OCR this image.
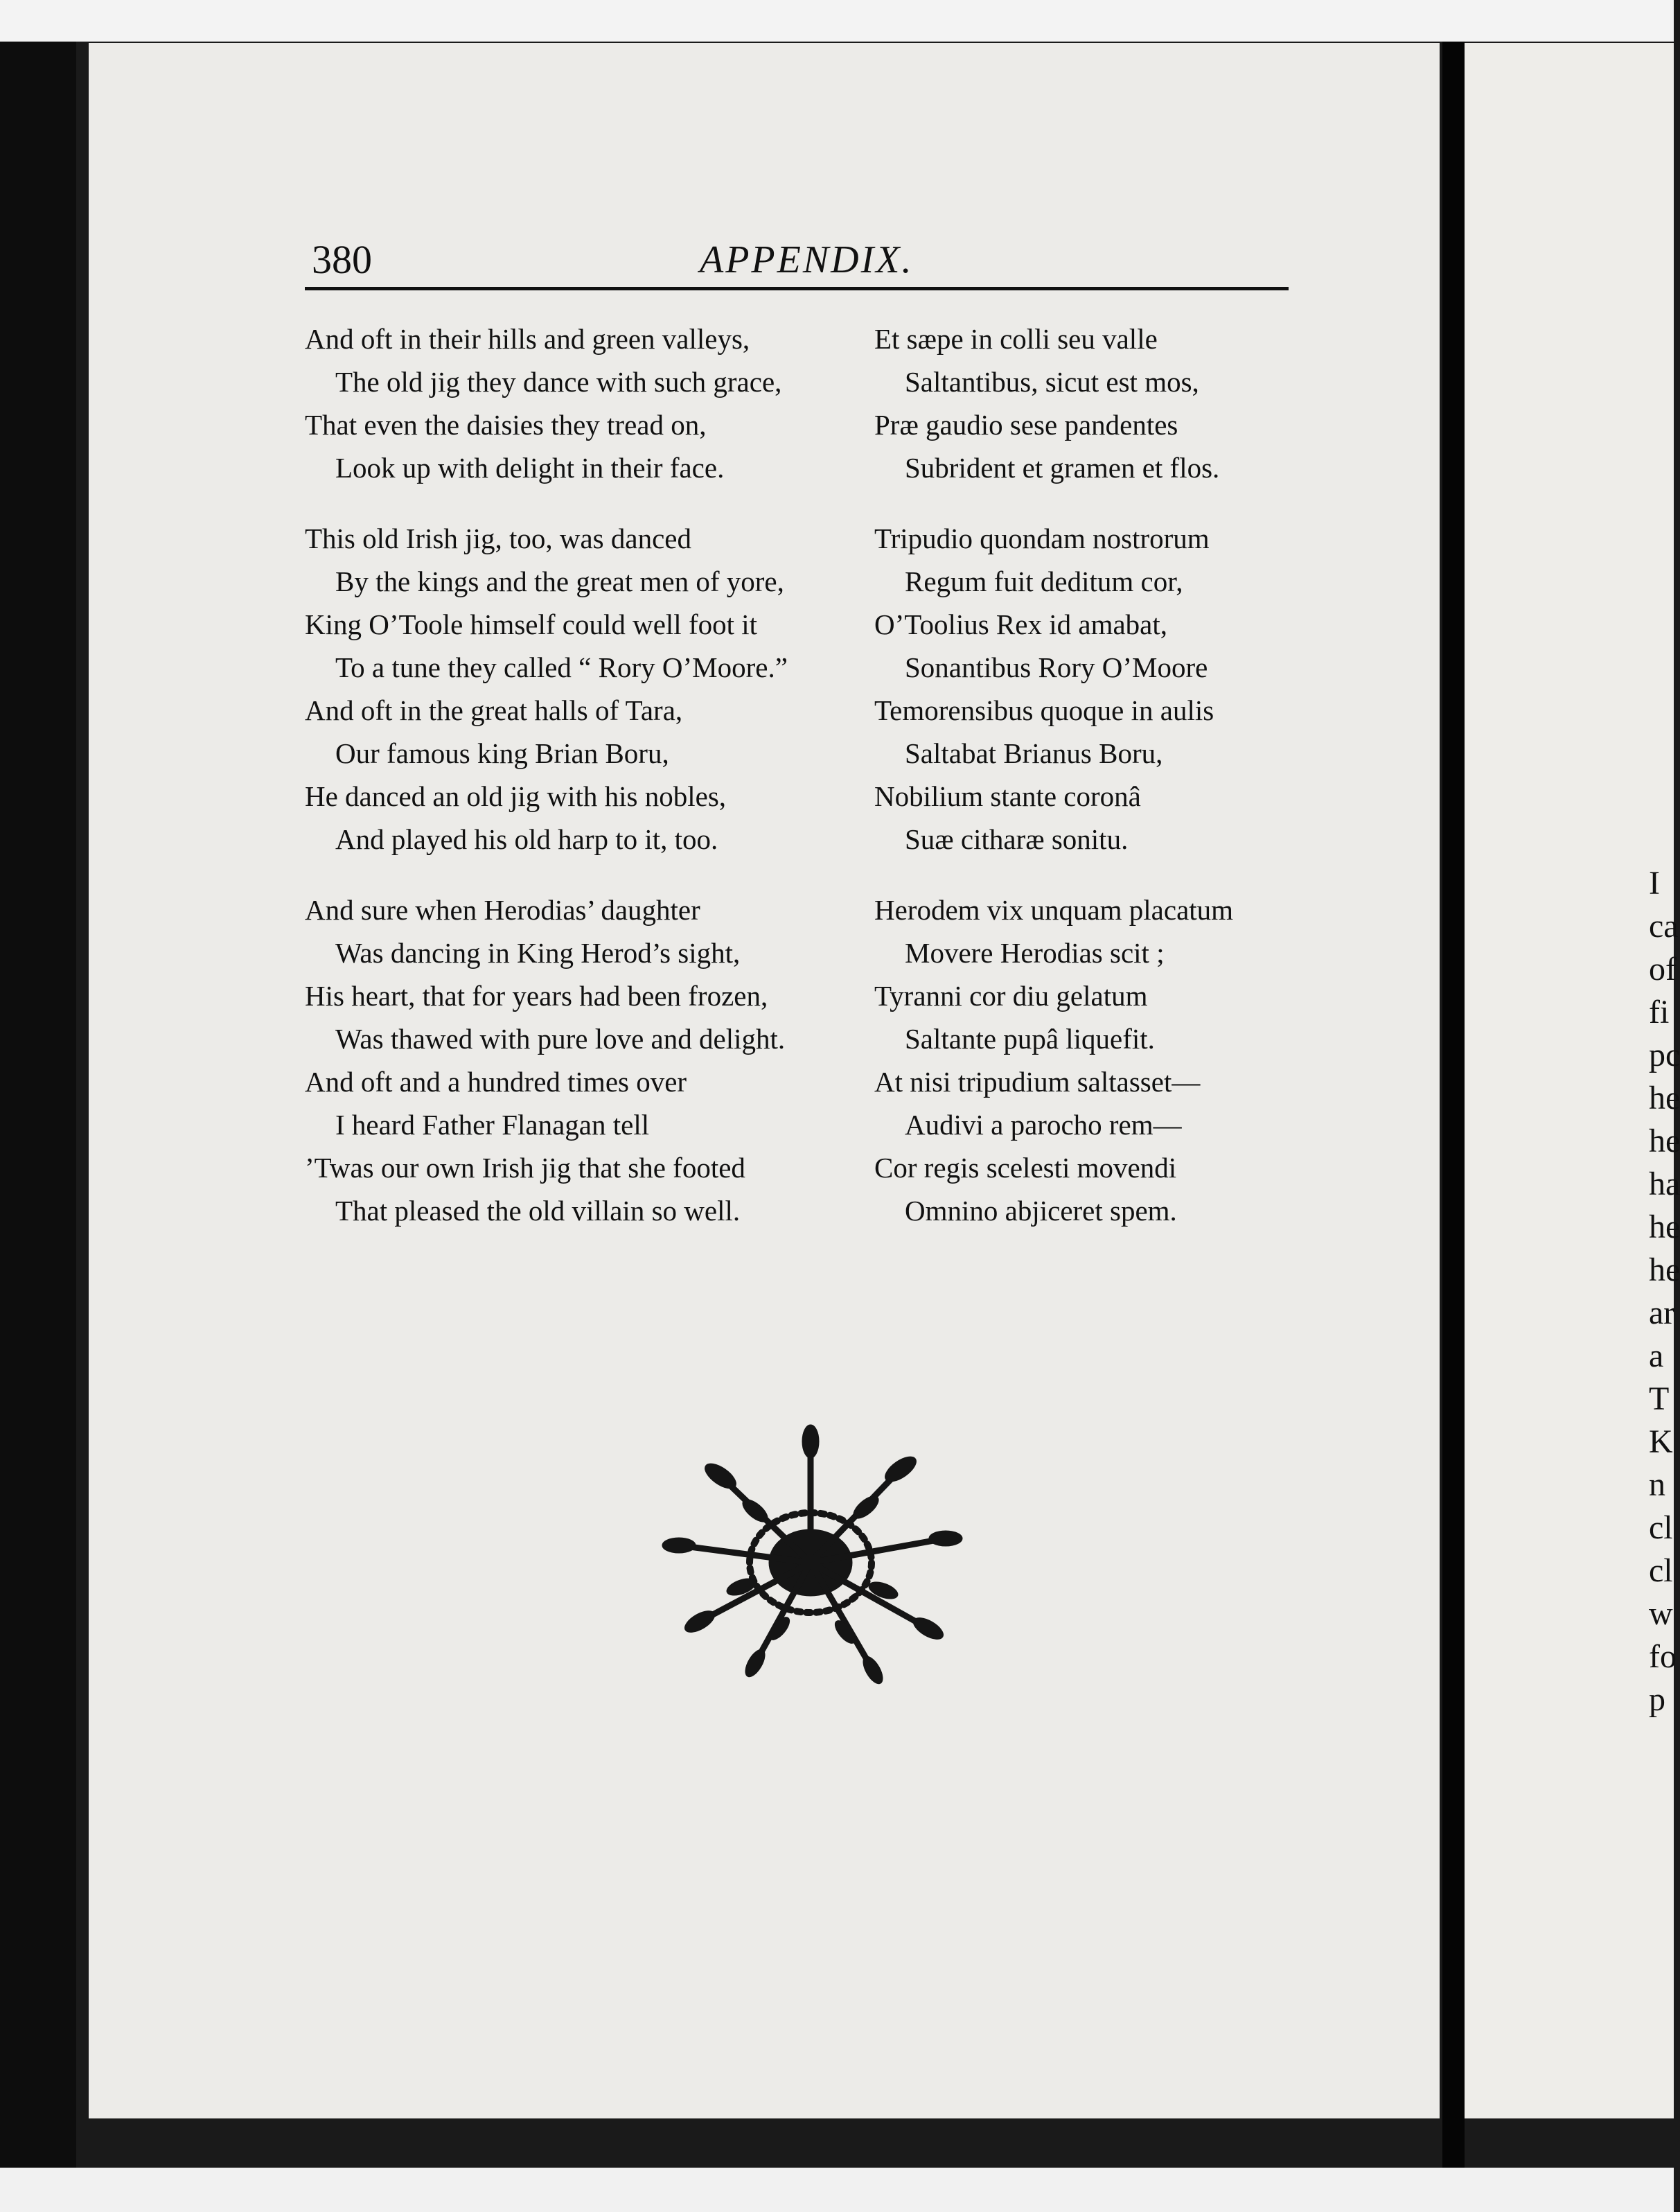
380	APPENDIX.
And oft in their hills and green valleys,
The old jig they dance with such grace,
That even the daisies they tread on,
Look up with delight in their face.
This old Irish jig, too, was danced
By the kings and the great men of yore,
King O’Toole himself could well foot it
To a tune they called “ Rory O’Moore.”
And oft in the great halls of Tara,
Our famous king Brian Boru,
He danced an old jig with his nobles,
And played his old harp to it, too.
And sure when Herodias’ daughter
Was dancing in King Herod’s sight,
His heart, that for years had been frozen,
Was thawed with pure love and delight.
And oft and a hundred times over
I heard Father Flanagan tell
’Twas our own Irish jig that she footed
That pleased the old villain so well.
Et sæpe in colli seu valle
Saltantibus, sicut est mos,
Præ gaudio sese pandentes
Subrident et gramen et flos.
Tripudio quondam nostrorum
Regum fuit deditum cor,
O’Toolius Rex id amabat,
Sonantibus Rory O’Moore
Temorensibus quoque in aulis
Saltabat Brianus Boru,
Nobilium stante coronâ
Suæ citharæ sonitu.
Herodem vix unquam placatum
Movere Herodias scit ;
Tyranni cor diu gelatum
Saltante pupâ liquefit.
At nisi tripudium saltasset—
Audivi a parocho rem—
Cor regis scelesti movendi
Omnino abjiceret spem.
I
ca
of
fi
pc
he
he
ha
he
he
ar
a
T
K
n
cl
cl
w
fo
p
